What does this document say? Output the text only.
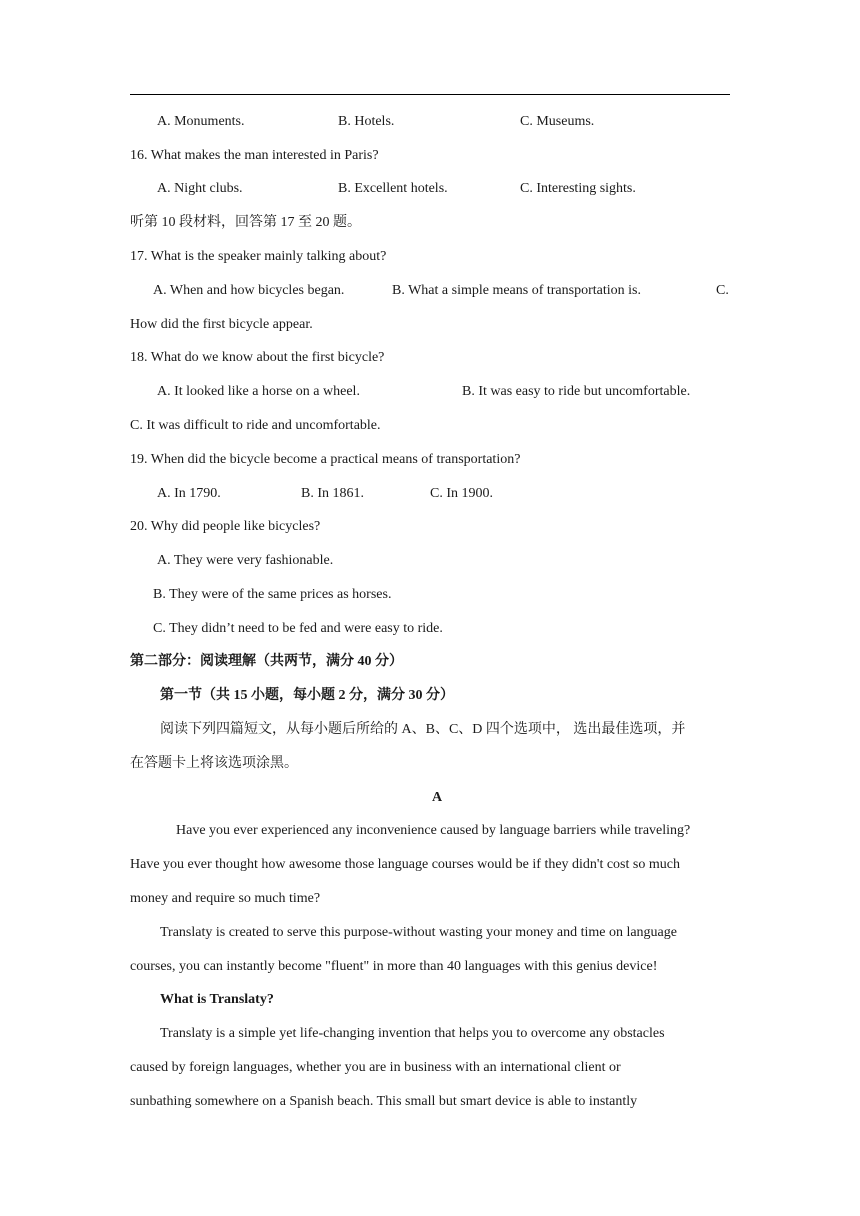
A. Monuments.	B. Hotels.	C. Museums.
16. What makes the man interested in Paris?
A. Night clubs.	B. Excellent hotels.	C. Interesting sights.
听第 10 段材料，回答第 17 至 20 题。
17. What is the speaker mainly talking about?
A. When and how bicycles began.	B. What a simple means of transportation is.	C.
How did the first bicycle appear.
18. What do we know about the first bicycle?
A. It looked like a horse on a wheel.	B. It was easy to ride but uncomfortable.
C. It was difficult to ride and uncomfortable.
19. When did the bicycle become a practical means of transportation?
A. In 1790.	B. In 1861.	C. In 1900.
20. Why did people like bicycles?
A. They were very fashionable.
B. They were of the same prices as horses.
C. They didn’t need to be fed and were easy to ride.
第二部分：阅读理解（共两节，满分 40 分）
第一节（共 15 小题，每小题 2 分，满分 30 分）
阅读下列四篇短文，从每小题后所给的 A、B、C、D 四个选项中， 选出最佳选项，并
在答题卡上将该选项涂黑。
A
Have you ever experienced any inconvenience caused by language barriers while traveling?
Have you ever thought how awesome those language courses would be if they didn't cost so much
money and require so much time?
Translaty is created to serve this purpose-without wasting your money and time on language
courses, you can instantly become "fluent" in more than 40 languages with this genius device!
What is Translaty?
Translaty is a simple yet life-changing invention that helps you to overcome any obstacles
caused by foreign languages, whether you are in business with an international client or
sunbathing somewhere on a Spanish beach. This small but smart device is able to instantly
